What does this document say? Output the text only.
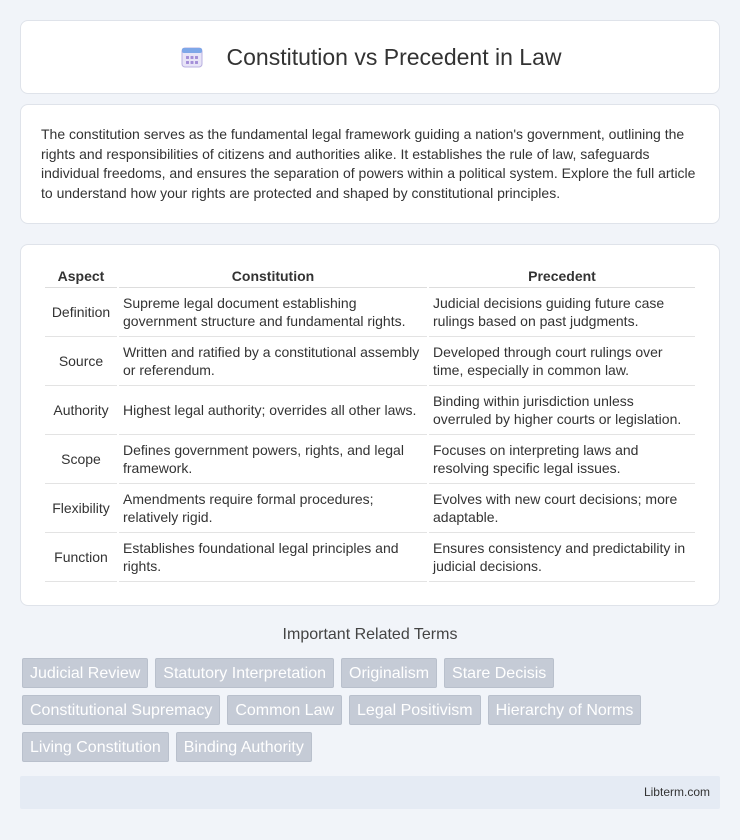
Constitution vs Precedent in Law

The constitution serves as the fundamental legal framework guiding a nation's government, outlining the rights and responsibilities of citizens and authorities alike. It establishes the rule of law, safeguards individual freedoms, and ensures the separation of powers within a political system. Explore the full article to understand how your rights are protected and shaped by constitutional principles.

Aspect	Constitution	Precedent
Definition	Supreme legal document establishing government structure and fundamental rights.	Judicial decisions guiding future case rulings based on past judgments.
Source	Written and ratified by a constitutional assembly or referendum.	Developed through court rulings over time, especially in common law.
Authority	Highest legal authority; overrides all other laws.	Binding within jurisdiction unless overruled by higher courts or legislation.
Scope	Defines government powers, rights, and legal framework.	Focuses on interpreting laws and resolving specific legal issues.
Flexibility	Amendments require formal procedures; relatively rigid.	Evolves with new court decisions; more adaptable.
Function	Establishes foundational legal principles and rights.	Ensures consistency and predictability in judicial decisions.
Important Related Terms
Judicial Review	Statutory Interpretation	Originalism	Stare Decisis
Constitutional Supremacy	Common Law	Legal Positivism	Hierarchy of Norms
Living Constitution	Binding Authority
Libterm.com
